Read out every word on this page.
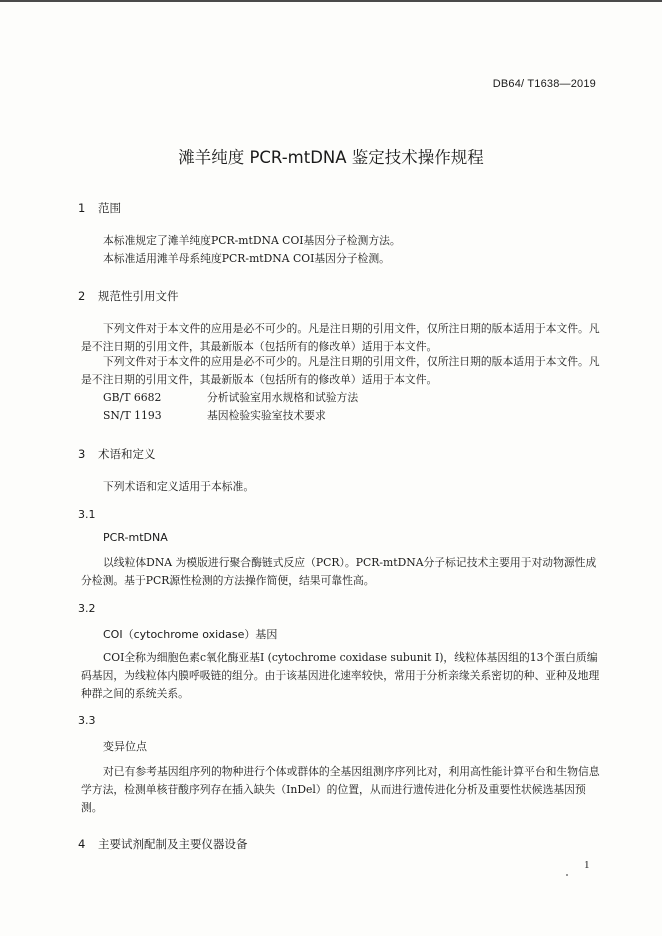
DB64/ T1638—2019
滩羊纯度 PCR-mtDNA 鉴定技术操作规程
1 范围
本标准规定了滩羊纯度PCR-mtDNA COI基因分子检测方法。
本标准适用滩羊母系纯度PCR-mtDNA COI基因分子检测。
2 规范性引用文件
下列文件对于本文件的应用是必不可少的。凡是注日期的引用文件，仅所注日期的版本适用于本文件。凡是不注日期的引用文件，其最新版本（包括所有的修改单）适用于本文件。
下列文件对于本文件的应用是必不可少的。凡是注日期的引用文件，仅所注日期的版本适用于本文件。凡是不注日期的引用文件，其最新版本（包括所有的修改单）适用于本文件。
GB/T 6682	分析试验室用水规格和试验方法
SN/T 1193	基因检验实验室技术要求
3 术语和定义
下列术语和定义适用于本标准。
3.1
PCR-mtDNA
以线粒体DNA 为模版进行聚合酶链式反应（PCR）。PCR-mtDNA分子标记技术主要用于对动物源性成分检测。基于PCR源性检测的方法操作简便，结果可靠性高。
3.2
COI（cytochrome oxidase）基因
COI全称为细胞色素c氧化酶亚基I (cytochrome coxidase subunit I)，线粒体基因组的13个蛋白质编码基因，为线粒体内膜呼吸链的组分。由于该基因进化速率较快，常用于分析亲缘关系密切的种、亚种及地理种群之间的系统关系。
3.3
变异位点
对已有参考基因组序列的物种进行个体或群体的全基因组测序序列比对，利用高性能计算平台和生物信息学方法，检测单核苷酸序列存在插入缺失（InDel）的位置，从而进行遗传进化分析及重要性状候选基因预测。
4 主要试剂配制及主要仪器设备
1
